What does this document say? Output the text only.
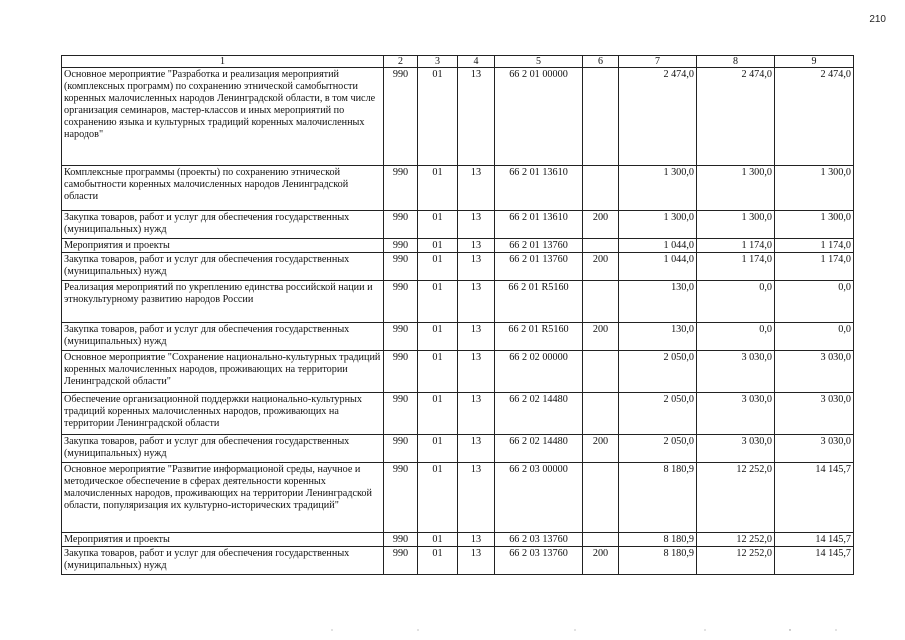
210
1	2	3	4	5	6	7	8	9
Основное мероприятие "Разработка и реализация мероприятий (комплексных программ) по сохранению этнической самобытности коренных малочисленных народов Ленинградской области, в том числе организация семинаров, мастер-классов и иных мероприятий по сохранению языка и культурных традиций коренных малочисленных народов"	990	01	13	66 2 01 00000		2 474,0	2 474,0	2 474,0
Комплексные программы (проекты) по сохранению этнической самобытности коренных малочисленных народов Ленинградской области	990	01	13	66 2 01 13610		1 300,0	1 300,0	1 300,0
Закупка товаров, работ и услуг для обеспечения государственных (муниципальных) нужд	990	01	13	66 2 01 13610	200	1 300,0	1 300,0	1 300,0
Мероприятия и проекты	990	01	13	66 2 01 13760		1 044,0	1 174,0	1 174,0
Закупка товаров, работ и услуг для обеспечения государственных (муниципальных) нужд	990	01	13	66 2 01 13760	200	1 044,0	1 174,0	1 174,0
Реализация мероприятий по укреплению единства российской нации и этнокультурному развитию народов России	990	01	13	66 2 01 R5160		130,0	0,0	0,0
Закупка товаров, работ и услуг для обеспечения государственных (муниципальных) нужд	990	01	13	66 2 01 R5160	200	130,0	0,0	0,0
Основное мероприятие "Сохранение национально-культурных традиций коренных малочисленных народов, проживающих на территории Ленинградской области"	990	01	13	66 2 02 00000		2 050,0	3 030,0	3 030,0
Обеспечение организационной поддержки национально-культурных традиций коренных малочисленных народов, проживающих на территории Ленинградской области	990	01	13	66 2 02 14480		2 050,0	3 030,0	3 030,0
Закупка товаров, работ и услуг для обеспечения государственных (муниципальных) нужд	990	01	13	66 2 02 14480	200	2 050,0	3 030,0	3 030,0
Основное мероприятие "Развитие информационой среды, научное и методическое обеспечение в сферах деятельности коренных малочисленных народов, проживающих на территории Ленинградской области, популяризация их культурно-исторических традиций"	990	01	13	66 2 03 00000		8 180,9	12 252,0	14 145,7
Мероприятия и проекты	990	01	13	66 2 03 13760		8 180,9	12 252,0	14 145,7
Закупка товаров, работ и услуг для обеспечения государственных (муниципальных) нужд	990	01	13	66 2 03 13760	200	8 180,9	12 252,0	14 145,7
